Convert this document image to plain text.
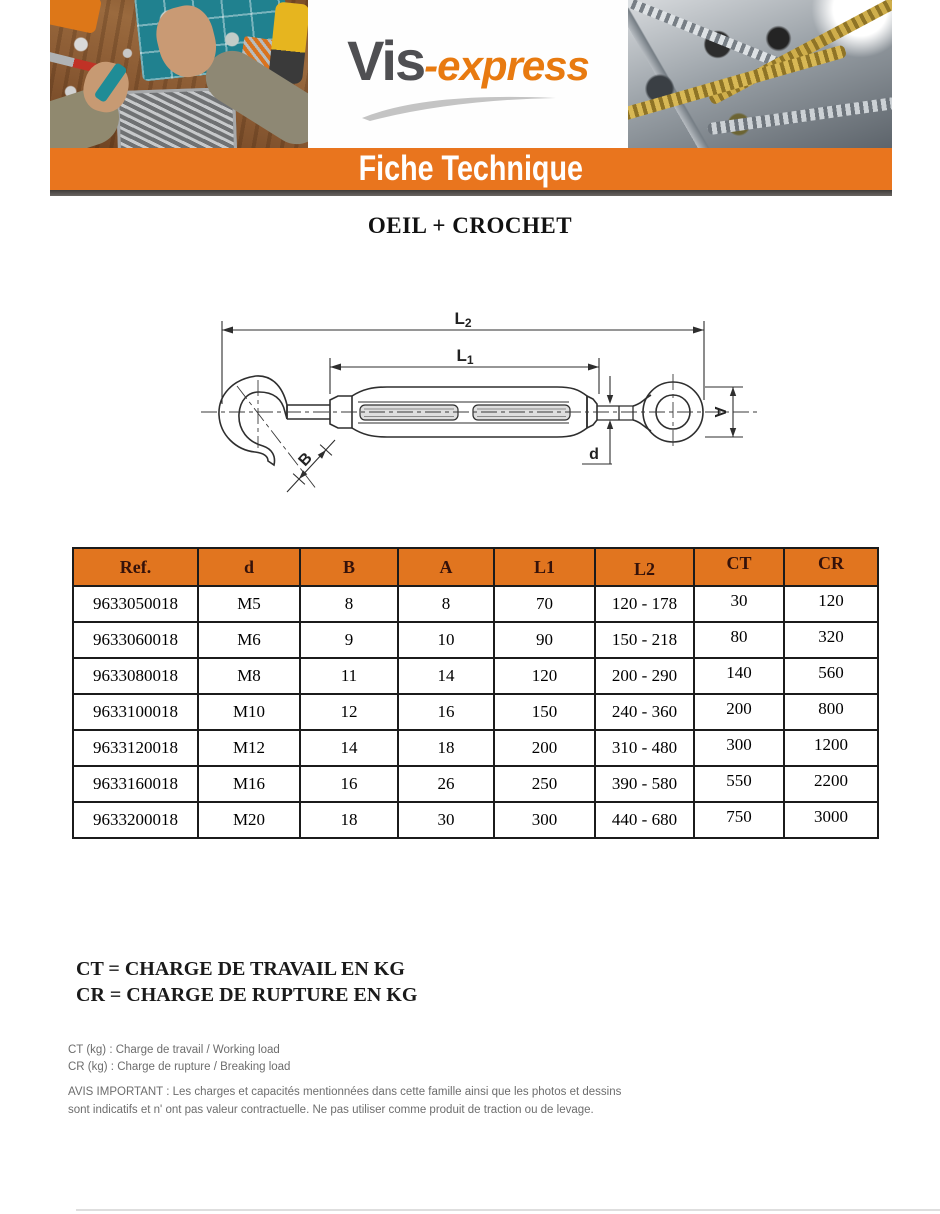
Vis-express
Fiche Technique
OEIL + CROCHET
L2
L1
B	d
A
Ref.	d	B	A	L1	L2	CT	CR
9633050018	M5	8	8	70	120 - 178	30	120
9633060018	M6	9	10	90	150 - 218	80	320
9633080018	M8	11	14	120	200 - 290	140	560
9633100018	M10	12	16	150	240 - 360	200	800
9633120018	M12	14	18	200	310 - 480	300	1200
9633160018	M16	16	26	250	390 - 580	550	2200
9633200018	M20	18	30	300	440 - 680	750	3000
CT = CHARGE DE TRAVAIL EN KG
CR = CHARGE DE RUPTURE EN KG
CT (kg) : Charge de travail / Working load
CR (kg) : Charge de rupture / Breaking load
AVIS IMPORTANT : Les charges et capacités mentionnées dans cette famille ainsi que les photos et dessins sont indicatifs et n' ont pas valeur contractuelle. Ne pas utiliser comme produit de traction ou de levage.
